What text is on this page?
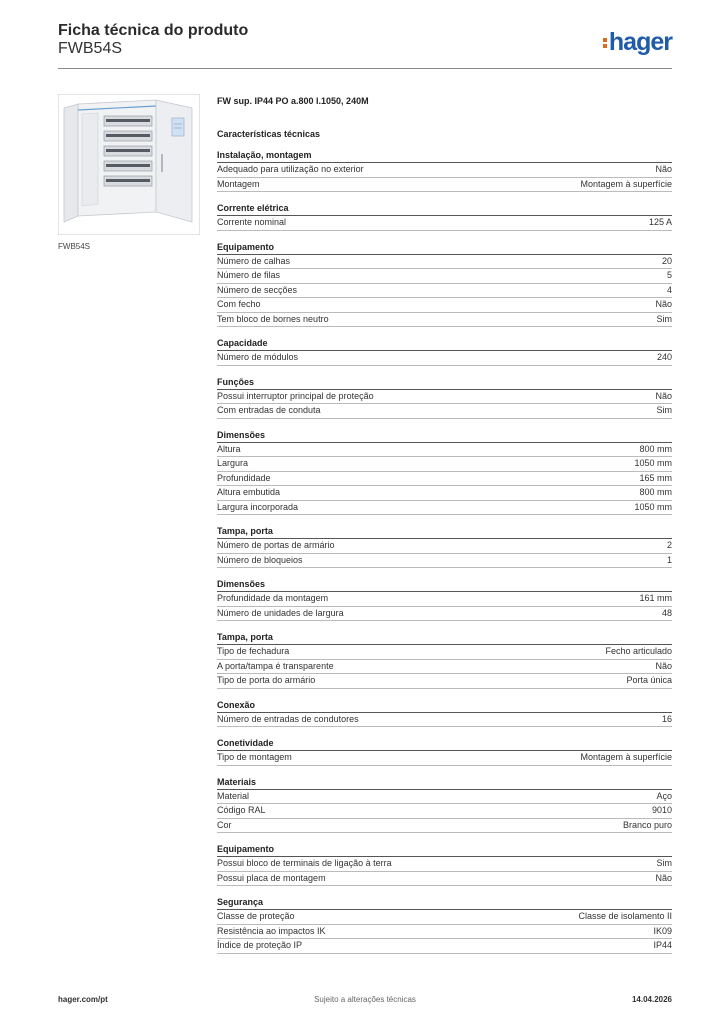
Ficha técnica do produto
FWB54S	hager
FWB54S
FW sup. IP44 PO a.800 l.1050, 240M
Características técnicas
Instalação, montagem
Adequado para utilização no exterior	Não
Montagem	Montagem à superfície
Corrente elétrica
Corrente nominal	125 A
Equipamento
Número de calhas	20
Número de filas	5
Número de secções	4
Com fecho	Não
Tem bloco de bornes neutro	Sim
Capacidade
Número de módulos	240
Funções
Possui interruptor principal de proteção	Não
Com entradas de conduta	Sim
Dimensões
Altura	800 mm
Largura	1050 mm
Profundidade	165 mm
Altura embutida	800 mm
Largura incorporada	1050 mm
Tampa, porta
Número de portas de armário	2
Número de bloqueios	1
Dimensões
Profundidade da montagem	161 mm
Número de unidades de largura	48
Tampa, porta
Tipo de fechadura	Fecho articulado
A porta/tampa é transparente	Não
Tipo de porta do armário	Porta única
Conexão
Número de entradas de condutores	16
Conetividade
Tipo de montagem	Montagem à superfície
Materiais
Material	Aço
Código RAL	9010
Cor	Branco puro
Equipamento
Possui bloco de terminais de ligação à terra	Sim
Possui placa de montagem	Não
Segurança
Classe de proteção	Classe de isolamento II
Resistência ao impactos IK	IK09
Índice de proteção IP	IP44
hager.com/pt	Sujeito a alterações técnicas	14.04.2026
